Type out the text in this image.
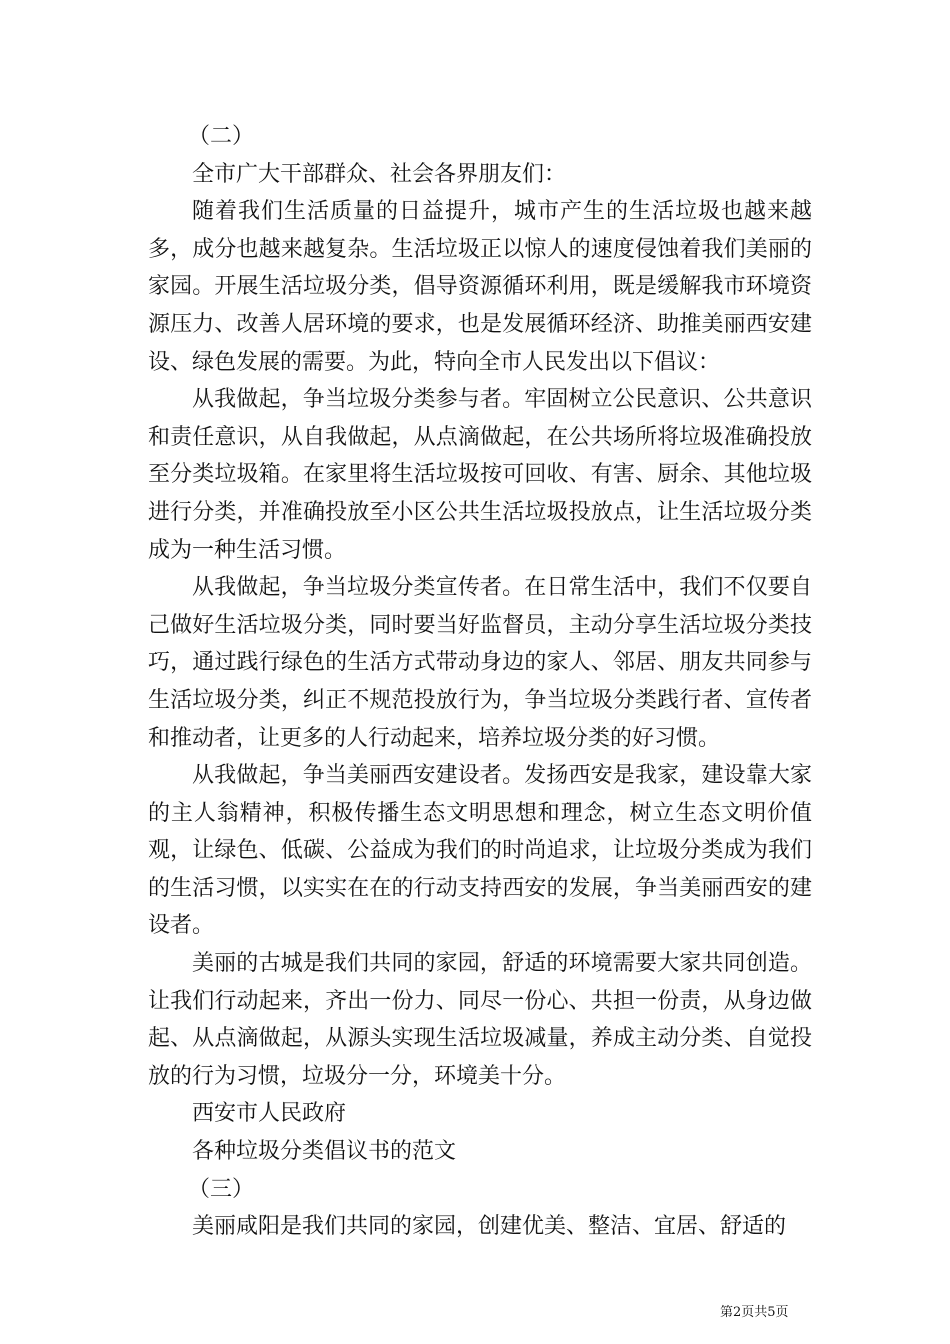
（二）

全市广大干部群众、社会各界朋友们：

随着我们生活质量的日益提升，城市产生的生活垃圾也越来越多，成分也越来越复杂。生活垃圾正以惊人的速度侵蚀着我们美丽的家园。开展生活垃圾分类，倡导资源循环利用，既是缓解我市环境资源压力、改善人居环境的要求，也是发展循环经济、助推美丽西安建设、绿色发展的需要。为此，特向全市人民发出以下倡议：

从我做起，争当垃圾分类参与者。牢固树立公民意识、公共意识和责任意识，从自我做起，从点滴做起，在公共场所将垃圾准确投放至分类垃圾箱。在家里将生活垃圾按可回收、有害、厨余、其他垃圾进行分类，并准确投放至小区公共生活垃圾投放点，让生活垃圾分类成为一种生活习惯。

从我做起，争当垃圾分类宣传者。在日常生活中，我们不仅要自己做好生活垃圾分类，同时要当好监督员，主动分享生活垃圾分类技巧，通过践行绿色的生活方式带动身边的家人、邻居、朋友共同参与生活垃圾分类，纠正不规范投放行为，争当垃圾分类践行者、宣传者和推动者，让更多的人行动起来，培养垃圾分类的好习惯。

从我做起，争当美丽西安建设者。发扬西安是我家，建设靠大家的主人翁精神，积极传播生态文明思想和理念，树立生态文明价值观，让绿色、低碳、公益成为我们的时尚追求，让垃圾分类成为我们的生活习惯，以实实在在的行动支持西安的发展，争当美丽西安的建设者。

美丽的古城是我们共同的家园，舒适的环境需要大家共同创造。让我们行动起来，齐出一份力、同尽一份心、共担一份责，从身边做起、从点滴做起，从源头实现生活垃圾减量，养成主动分类、自觉投放的行为习惯，垃圾分一分，环境美十分。

西安市人民政府

各种垃圾分类倡议书的范文

（三）

美丽咸阳是我们共同的家园，创建优美、整洁、宜居、舒适的

第2页共5页
